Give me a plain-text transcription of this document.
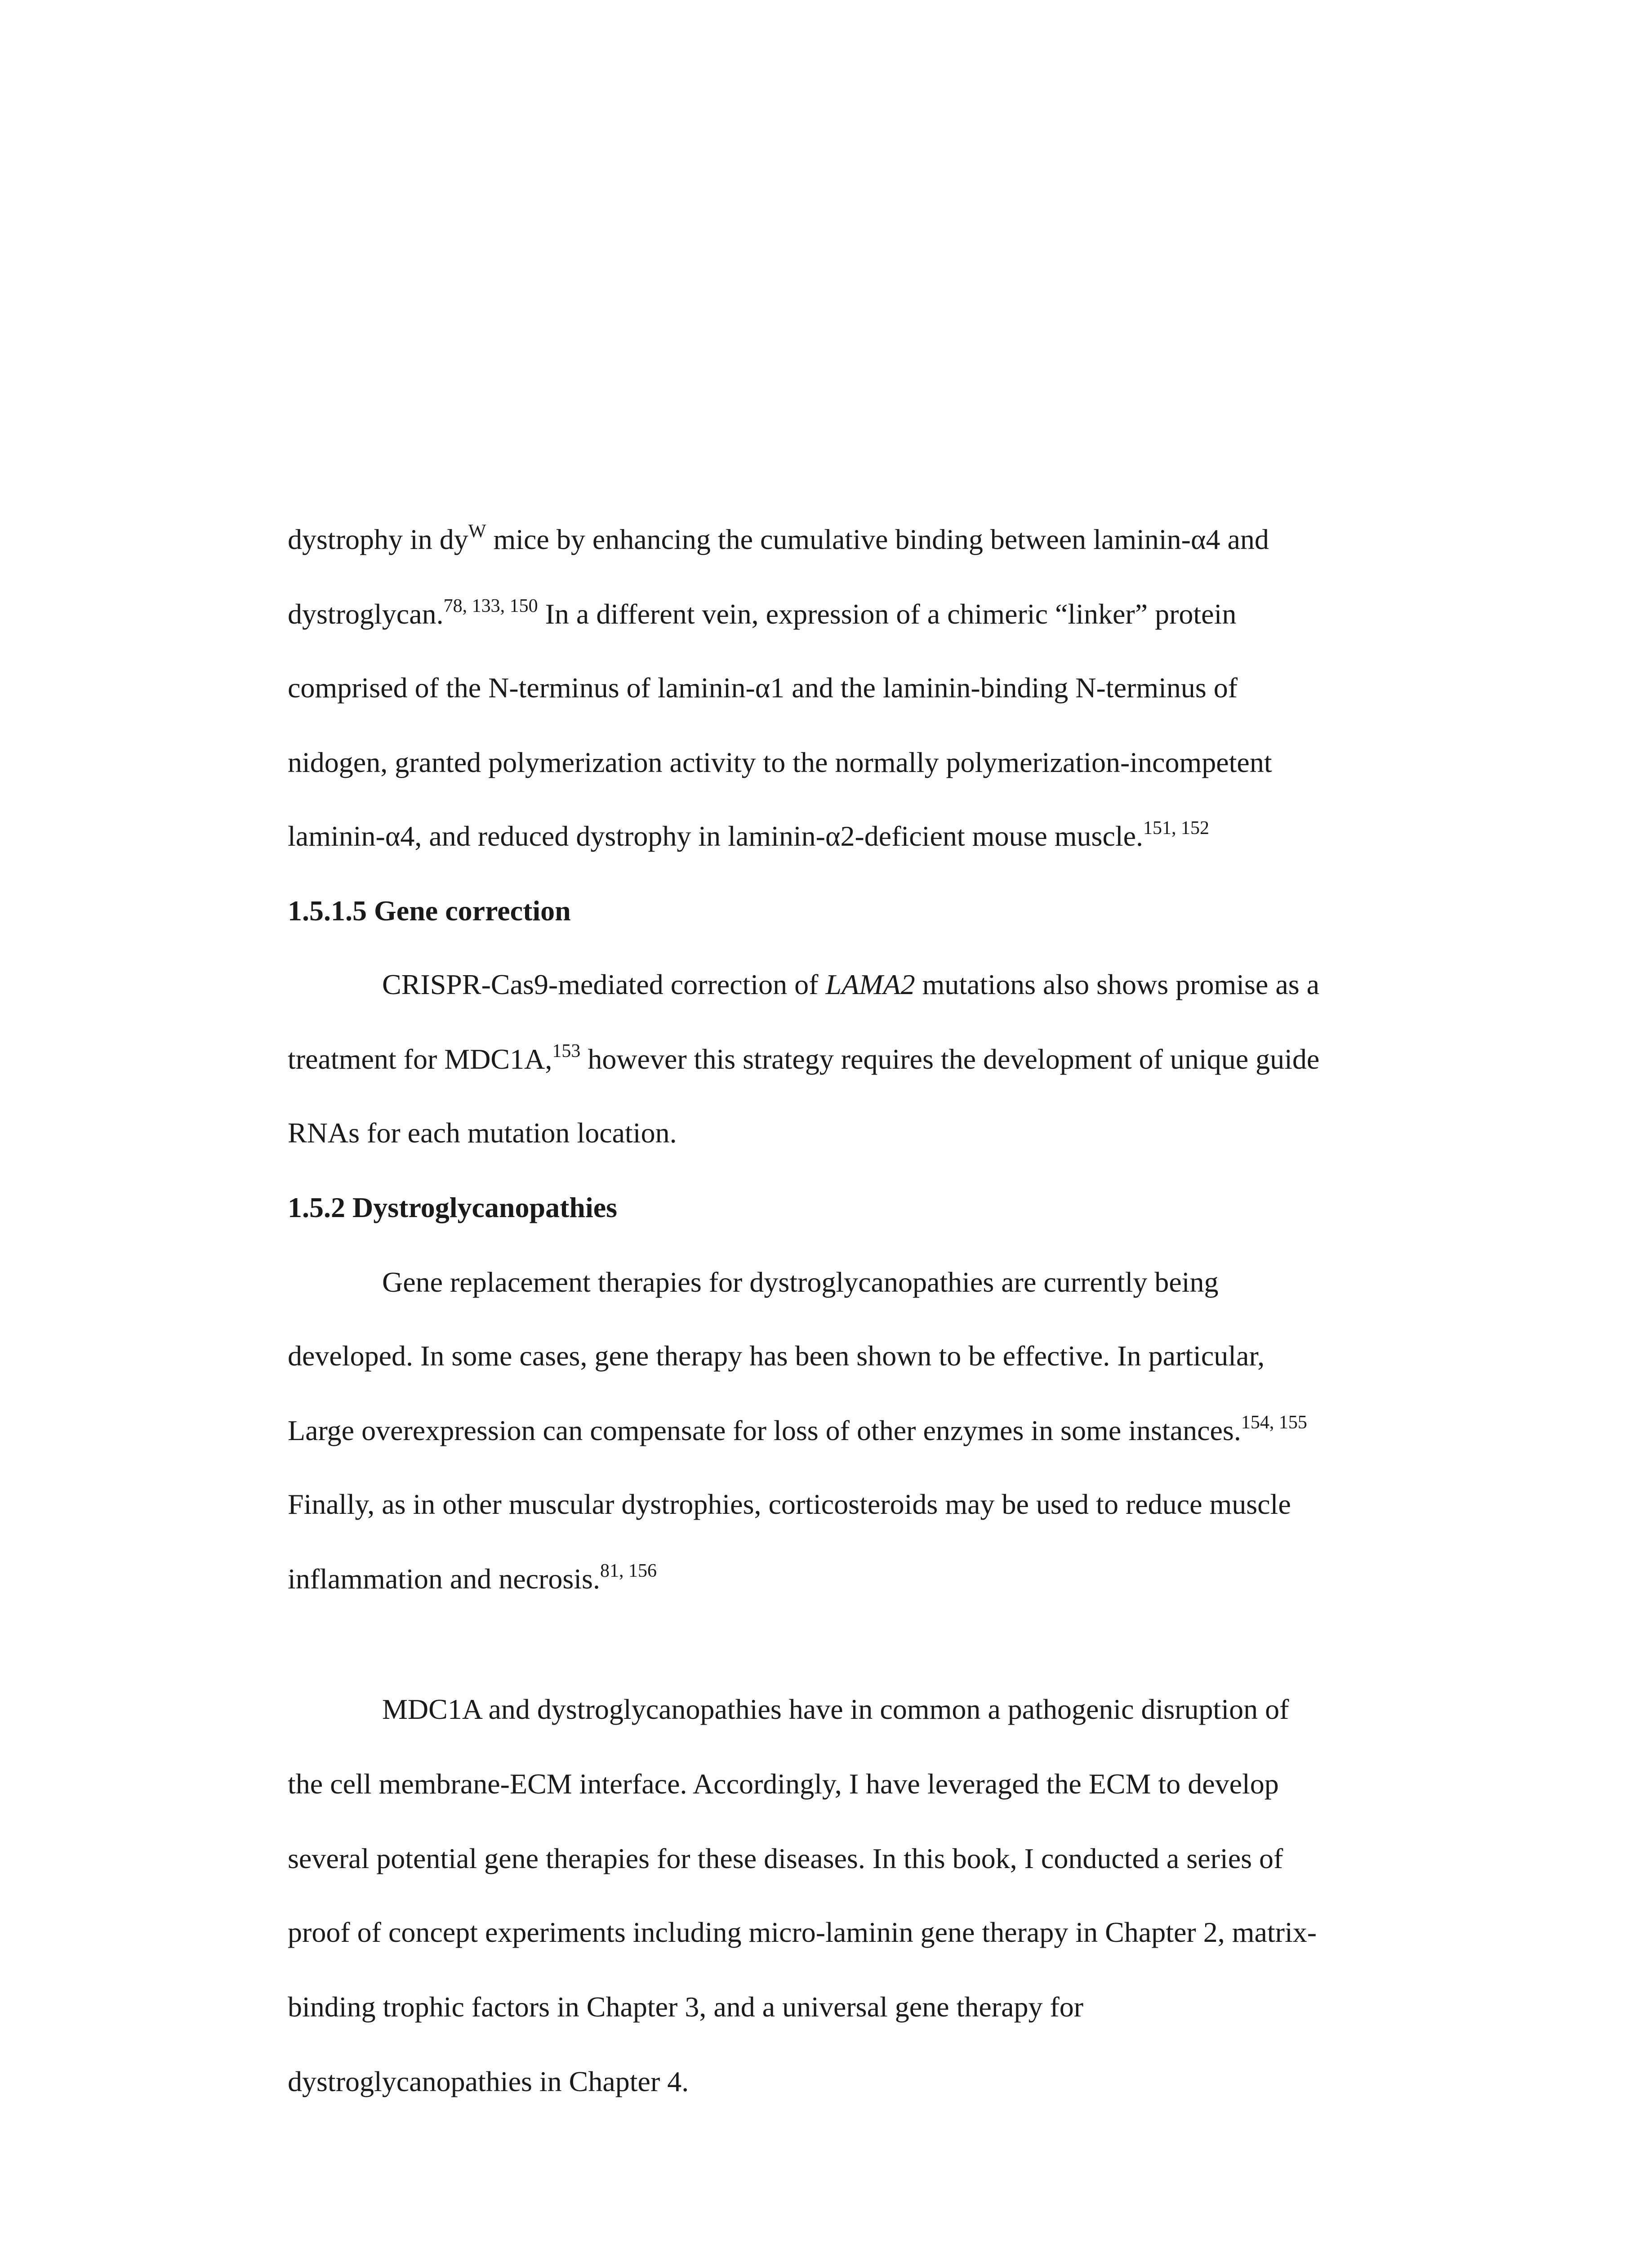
dystrophy in $dy^W$ mice by enhancing the cumulative binding between laminin-α4 and

dystroglycan.$^{78, 133, 150}$ In a different vein, expression of a chimeric “linker” protein

comprised of the N-terminus of laminin-α1 and the laminin-binding N-terminus of

nidogen, granted polymerization activity to the normally polymerization-incompetent

laminin-α4, and reduced dystrophy in laminin-α2-deficient mouse muscle.$^{151, 152}$

1.5.1.5 Gene correction

CRISPR-Cas9-mediated correction of LAMA2 mutations also shows promise as a

treatment for MDC1A,$^{153}$ however this strategy requires the development of unique guide

RNAs for each mutation location.

1.5.2 Dystroglycanopathies

Gene replacement therapies for dystroglycanopathies are currently being

developed. In some cases, gene therapy has been shown to be effective. In particular,

Large overexpression can compensate for loss of other enzymes in some instances.$^{154, 155}$

Finally, as in other muscular dystrophies, corticosteroids may be used to reduce muscle

inflammation and necrosis.$^{81, 156}$

MDC1A and dystroglycanopathies have in common a pathogenic disruption of

the cell membrane-ECM interface. Accordingly, I have leveraged the ECM to develop

several potential gene therapies for these diseases. In this book, I conducted a series of

proof of concept experiments including micro-laminin gene therapy in Chapter 2, matrix-

binding trophic factors in Chapter 3, and a universal gene therapy for

dystroglycanopathies in Chapter 4.
